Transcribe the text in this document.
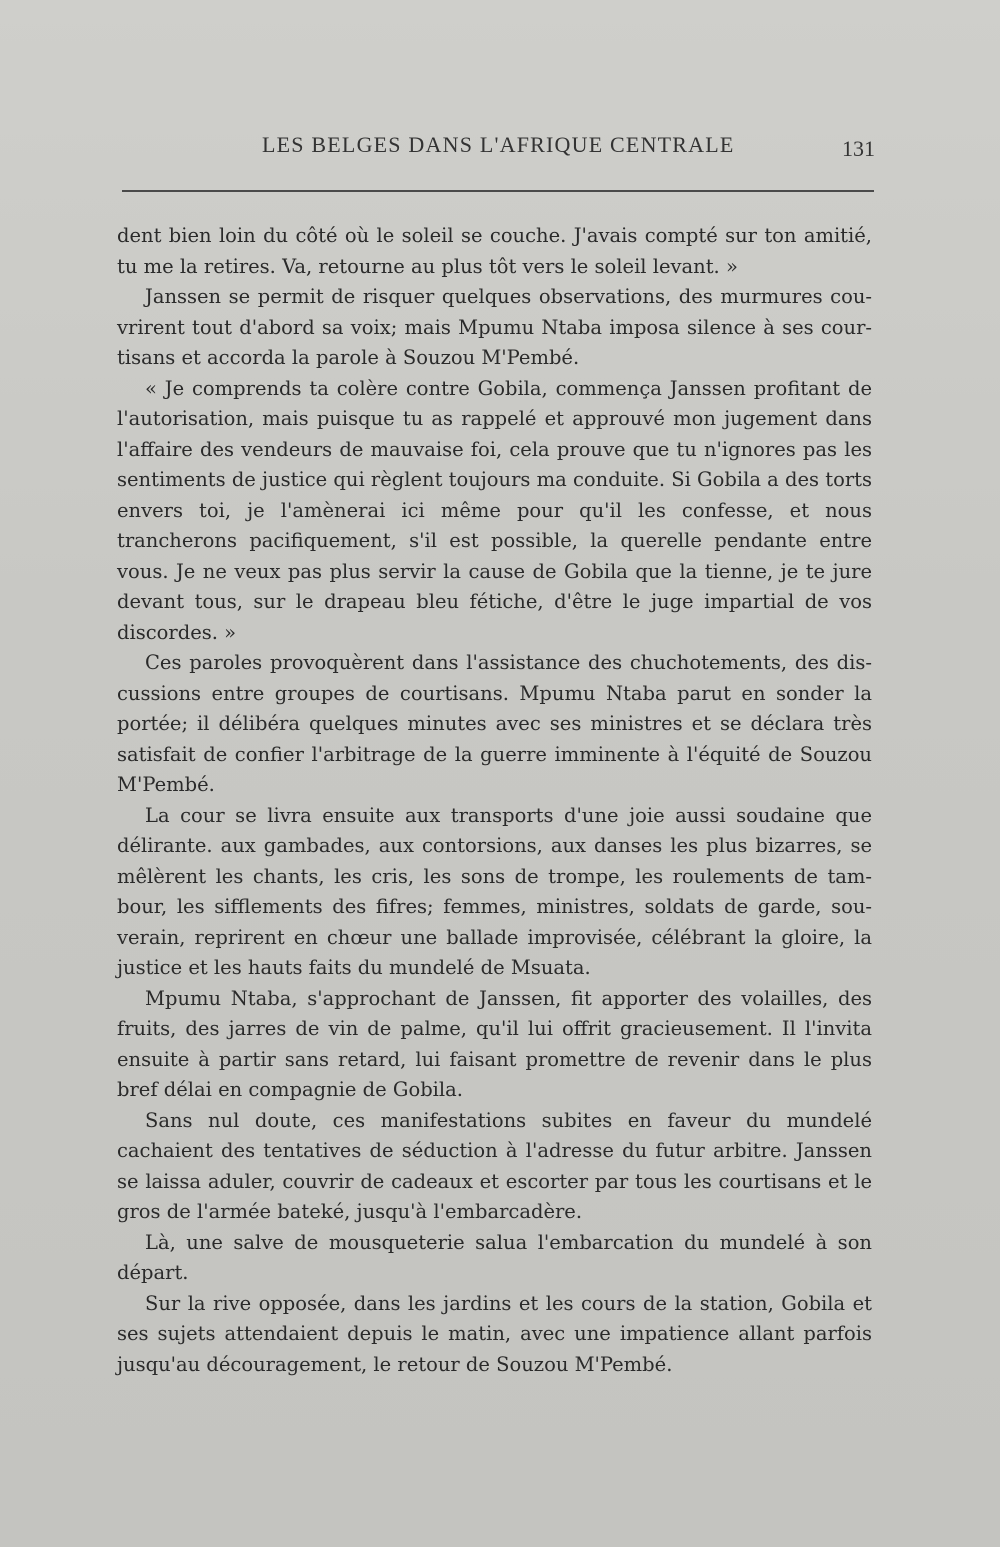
LES BELGES DANS L'AFRIQUE CENTRALE	131

dent bien loin du côté où le soleil se couche. J'avais compté sur ton amitié, tu me la retires. Va, retourne au plus tôt vers le soleil levant. »

Janssen se permit de risquer quelques observations, des murmures couvrirent tout d'abord sa voix; mais Mpumu Ntaba imposa silence à ses courtisans et accorda la parole à Souzou M'Pembé.

« Je comprends ta colère contre Gobila, commença Janssen profitant de l'autorisation, mais puisque tu as rappelé et approuvé mon jugement dans l'affaire des vendeurs de mauvaise foi, cela prouve que tu n'ignores pas les sentiments de justice qui règlent toujours ma conduite. Si Gobila a des torts envers toi, je l'amènerai ici même pour qu'il les confesse, et nous trancherons pacifiquement, s'il est possible, la querelle pendante entre vous. Je ne veux pas plus servir la cause de Gobila que la tienne, je te jure devant tous, sur le drapeau bleu fétiche, d'être le juge impartial de vos discordes. »

Ces paroles provoquèrent dans l'assistance des chuchotements, des discussions entre groupes de courtisans. Mpumu Ntaba parut en sonder la portée; il délibéra quelques minutes avec ses ministres et se déclara très satisfait de confier l'arbitrage de la guerre imminente à l'équité de Souzou M'Pembé.

La cour se livra ensuite aux transports d'une joie aussi soudaine que délirante. aux gambades, aux contorsions, aux danses les plus bizarres, se mêlèrent les chants, les cris, les sons de trompe, les roulements de tambour, les sifflements des fifres; femmes, ministres, soldats de garde, souverain, reprirent en chœur une ballade improvisée, célébrant la gloire, la justice et les hauts faits du mundelé de Msuata.

Mpumu Ntaba, s'approchant de Janssen, fit apporter des volailles, des fruits, des jarres de vin de palme, qu'il lui offrit gracieusement. Il l'invita ensuite à partir sans retard, lui faisant promettre de revenir dans le plus bref délai en compagnie de Gobila.

Sans nul doute, ces manifestations subites en faveur du mundelé cachaient des tentatives de séduction à l'adresse du futur arbitre. Janssen se laissa aduler, couvrir de cadeaux et escorter par tous les courtisans et le gros de l'armée bateké, jusqu'à l'embarcadère.

Là, une salve de mousqueterie salua l'embarcation du mundelé à son départ.

Sur la rive opposée, dans les jardins et les cours de la station, Gobila et ses sujets attendaient depuis le matin, avec une impatience allant parfois jusqu'au découragement, le retour de Souzou M'Pembé.
